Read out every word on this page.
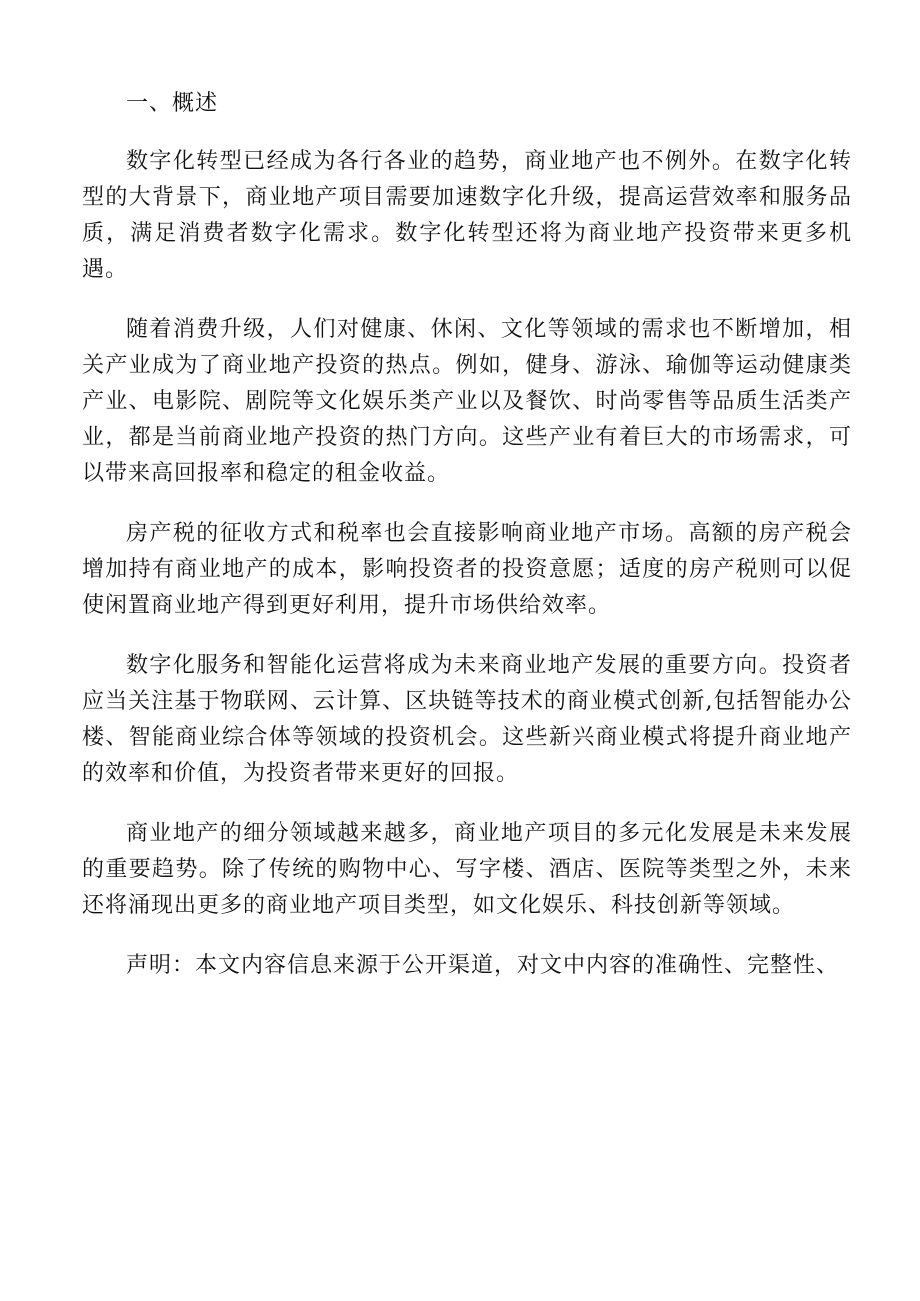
一、概述

数字化转型已经成为各行各业的趋势，商业地产也不例外。在数字化转型的大背景下，商业地产项目需要加速数字化升级，提高运营效率和服务品质，满足消费者数字化需求。数字化转型还将为商业地产投资带来更多机遇。

随着消费升级，人们对健康、休闲、文化等领域的需求也不断增加，相关产业成为了商业地产投资的热点。例如，健身、游泳、瑜伽等运动健康类产业、电影院、剧院等文化娱乐类产业以及餐饮、时尚零售等品质生活类产业，都是当前商业地产投资的热门方向。这些产业有着巨大的市场需求，可以带来高回报率和稳定的租金收益。

房产税的征收方式和税率也会直接影响商业地产市场。高额的房产税会增加持有商业地产的成本，影响投资者的投资意愿；适度的房产税则可以促使闲置商业地产得到更好利用，提升市场供给效率。

数字化服务和智能化运营将成为未来商业地产发展的重要方向。投资者应当关注基于物联网、云计算、区块链等技术的商业模式创新,包括智能办公楼、智能商业综合体等领域的投资机会。这些新兴商业模式将提升商业地产的效率和价值，为投资者带来更好的回报。

商业地产的细分领域越来越多，商业地产项目的多元化发展是未来发展的重要趋势。除了传统的购物中心、写字楼、酒店、医院等类型之外，未来还将涌现出更多的商业地产项目类型，如文化娱乐、科技创新等领域。

声明：本文内容信息来源于公开渠道，对文中内容的准确性、完整性、
